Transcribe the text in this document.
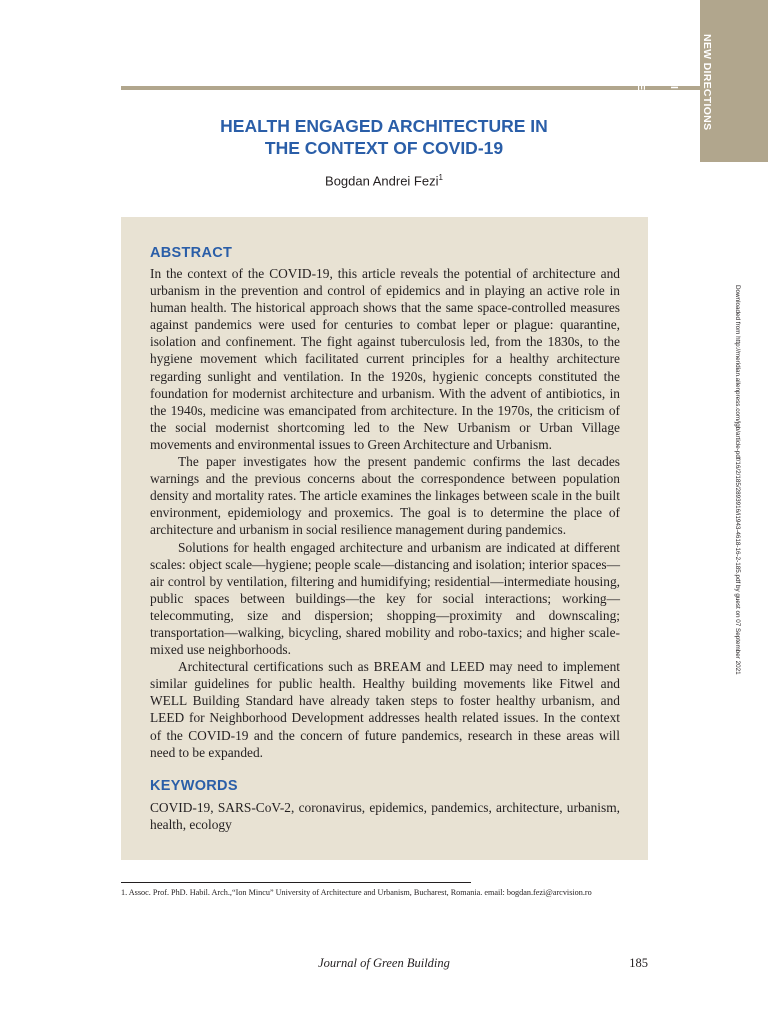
NEW DIRECTIONS

IN TEACHING

AND RESEARCH

HEALTH ENGAGED ARCHITECTURE IN
THE CONTEXT OF COVID-19
Bogdan Andrei Fezi$^1$
ABSTRACT

In the context of the COVID-19, this article reveals the potential of architecture and urbanism in the prevention and control of epidemics and in playing an active role in human health. The historical approach shows that the same space-controlled measures against pandemics were used for centuries to combat leper or plague: quarantine, isolation and confinement. The fight against tuberculosis led, from the 1830s, to the hygiene movement which facilitated current principles for a healthy architecture regarding sunlight and ventilation. In the 1920s, hygienic concepts constituted the foundation for modernist architecture and urbanism. With the advent of antibiotics, in the 1940s, medicine was emancipated from architecture. In the 1970s, the criticism of the social modernist shortcoming led to the New Urbanism or Urban Village movements and environmental issues to Green Architecture and Urbanism.

The paper investigates how the present pandemic confirms the last decades warnings and the previous concerns about the correspondence between population density and mortality rates. The article examines the linkages between scale in the built environment, epidemiology and proxemics. The goal is to determine the place of architecture and urbanism in social resilience management during pandemics.

Solutions for health engaged architecture and urbanism are indicated at different scales: object scale—hygiene; people scale—distancing and isolation; interior spaces—air control by ventilation, filtering and humidifying; residential—intermediate housing, public spaces between buildings—the key for social interactions; working—telecommuting, size and dispersion; shopping—proximity and downscaling; transportation—walking, bicycling, shared mobility and robo-taxics; and higher scale-mixed use neighborhoods.

Architectural certifications such as BREAM and LEED may need to implement similar guidelines for public health. Healthy building movements like Fitwel and WELL Building Standard have already taken steps to foster healthy urbanism, and LEED for Neighborhood Development addresses health related issues. In the context of the COVID-19 and the concern of future pandemics, research in these areas will need to be expanded.

KEYWORDS
COVID-19, SARS-CoV-2, coronavirus, epidemics, pandemics, architecture, urbanism, health, ecology
Downloaded from http://meridian.allenpress.com/jgb/article-pdf/16/2/185/2893916/i1943-4618-16-2-185.pdf by guest on 07 September 2021
1. Assoc. Prof. PhD. Habil. Arch.,“Ion Mincu” University of Architecture and Urbanism, Bucharest, Romania. email: bogdan.fezi@arcvision.ro
Journal of Green Building	185
